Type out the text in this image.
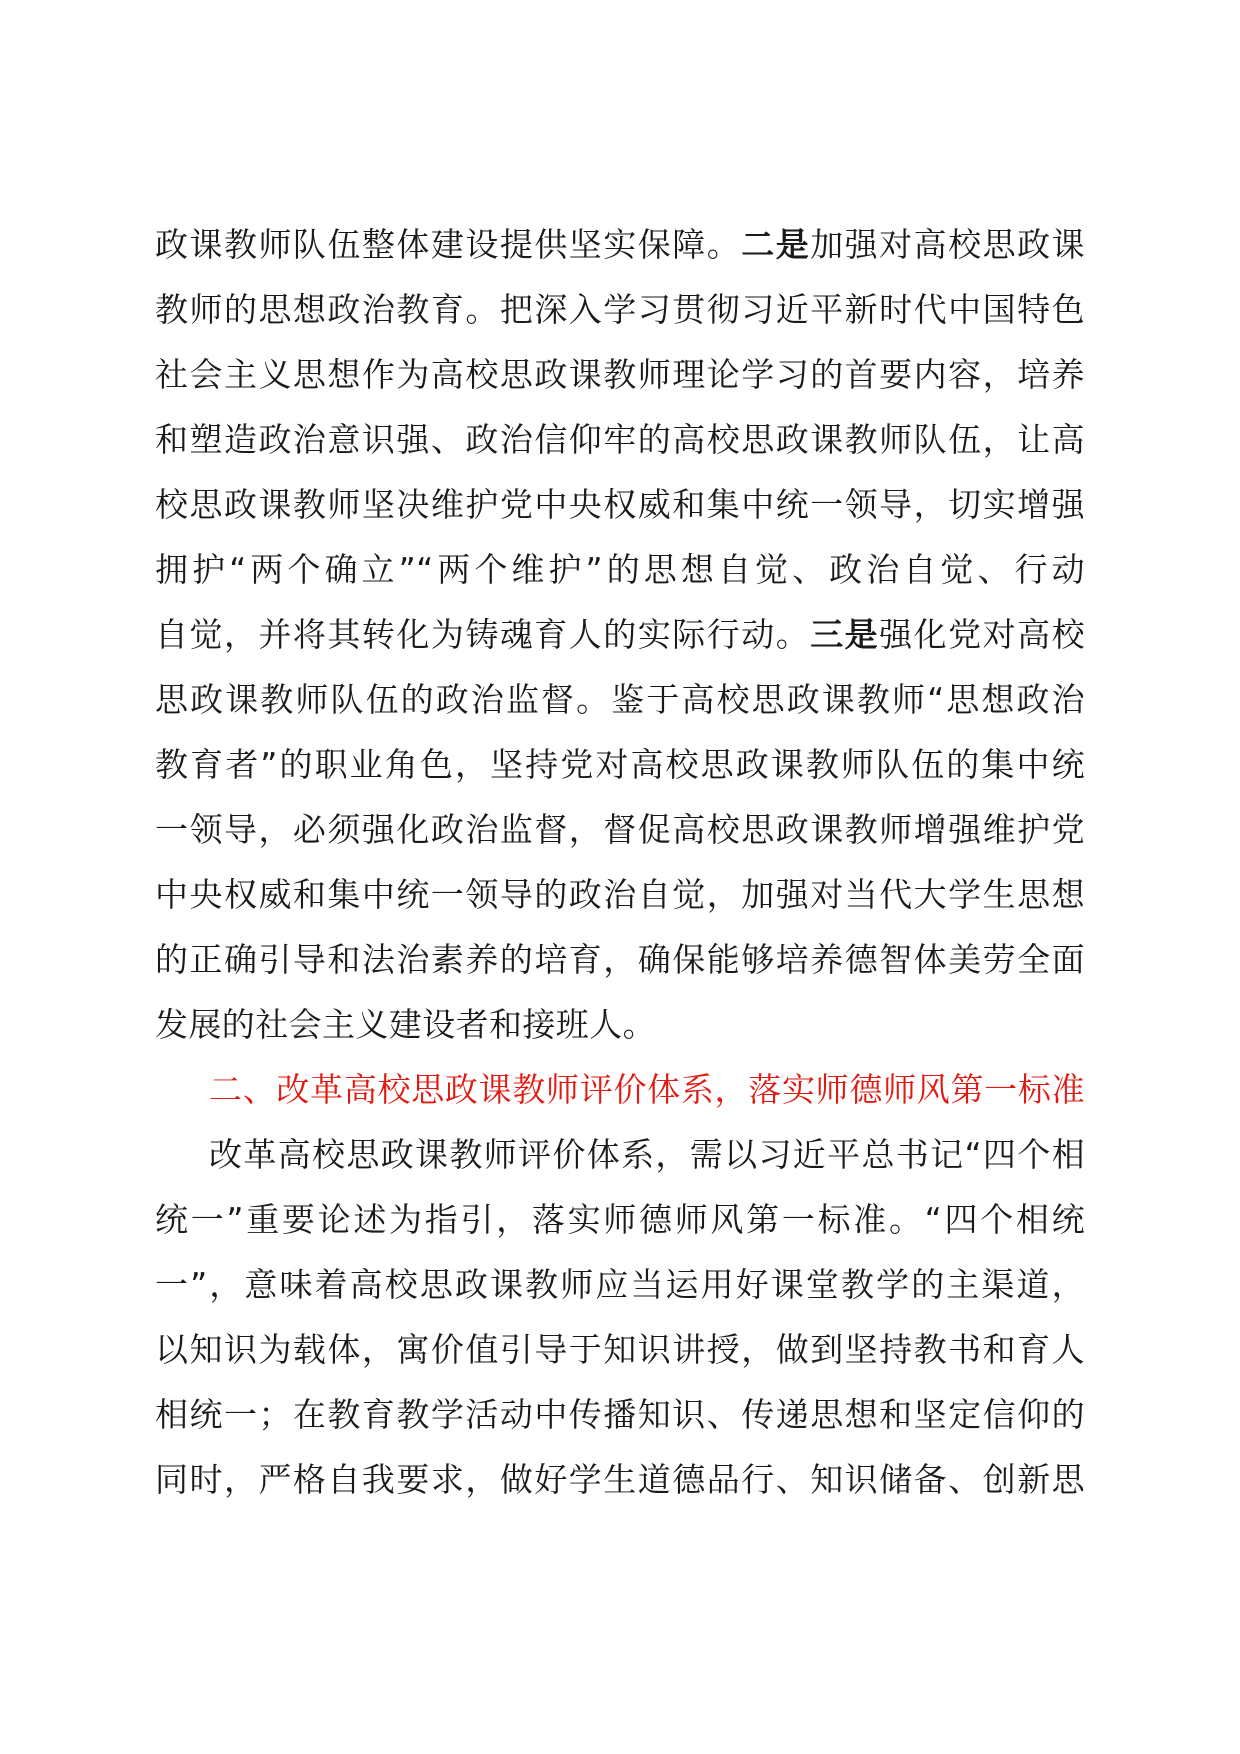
政课教师队伍整体建设提供坚实保障。二是加强对高校思政课
教师的思想政治教育。把深入学习贯彻习近平新时代中国特色
社会主义思想作为高校思政课教师理论学习的首要内容，培养
和塑造政治意识强、政治信仰牢的高校思政课教师队伍，让高
校思政课教师坚决维护党中央权威和集中统一领导，切实增强
拥护“两个确立”“两个维护”的思想自觉、政治自觉、行动
自觉，并将其转化为铸魂育人的实际行动。三是强化党对高校
思政课教师队伍的政治监督。鉴于高校思政课教师“思想政治
教育者”的职业角色，坚持党对高校思政课教师队伍的集中统
一领导，必须强化政治监督，督促高校思政课教师增强维护党
中央权威和集中统一领导的政治自觉，加强对当代大学生思想
的正确引导和法治素养的培育，确保能够培养德智体美劳全面
发展的社会主义建设者和接班人。
二、改革高校思政课教师评价体系，落实师德师风第一标准
改革高校思政课教师评价体系，需以习近平总书记“四个相
统一”重要论述为指引，落实师德师风第一标准。“四个相统
一”，意味着高校思政课教师应当运用好课堂教学的主渠道，
以知识为载体，寓价值引导于知识讲授，做到坚持教书和育人
相统一；在教育教学活动中传播知识、传递思想和坚定信仰的
同时，严格自我要求，做好学生道德品行、知识储备、创新思
